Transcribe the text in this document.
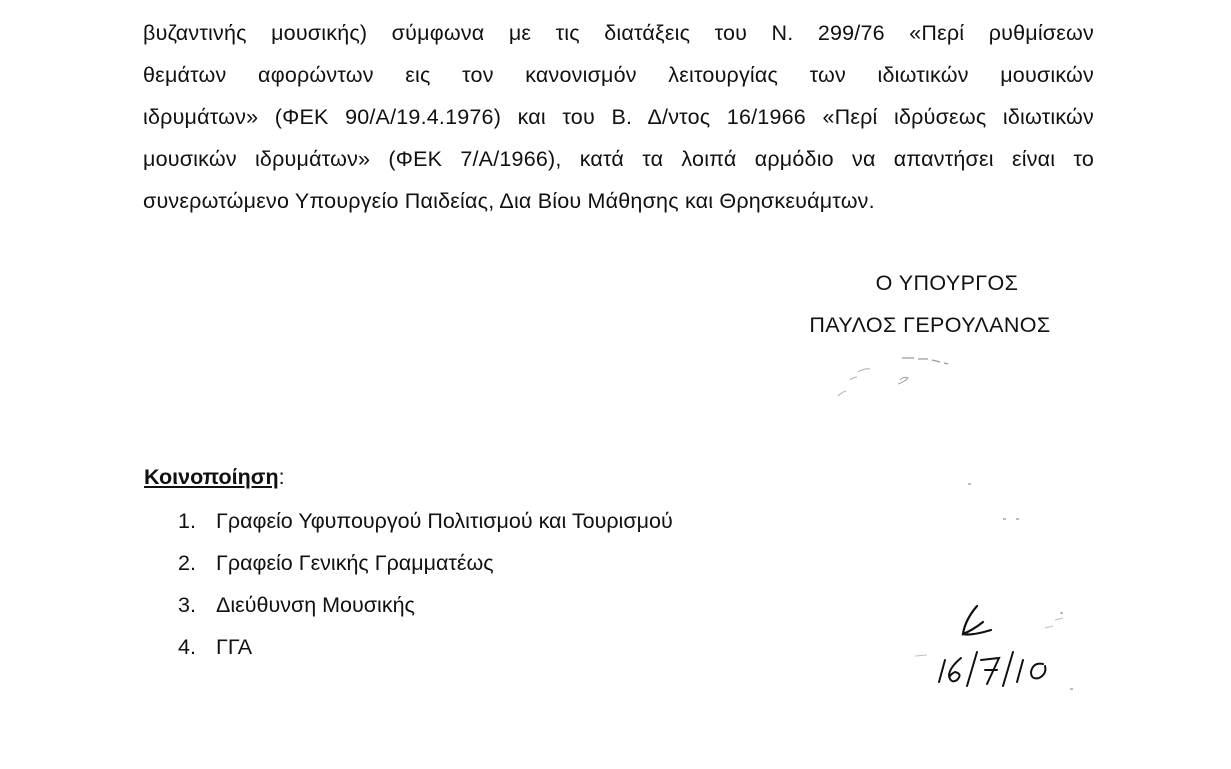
βυζαντινής μουσικής) σύμφωνα με τις διατάξεις του Ν. 299/76 «Περί ρυθμίσεων
θεμάτων αφορώντων εις τον κανονισμόν λειτουργίας των ιδιωτικών μουσικών
ιδρυμάτων» (ΦΕΚ 90/Α/19.4.1976) και του Β. Δ/ντος 16/1966 «Περί ιδρύσεως ιδιωτικών
μουσικών ιδρυμάτων» (ΦΕΚ 7/Α/1966), κατά τα λοιπά αρμόδιο να απαντήσει είναι το
συνερωτώμενο Υπουργείο Παιδείας, Δια Βίου Μάθησης και Θρησκευάμτων.
Ο ΥΠΟΥΡΓΟΣ
ΠΑΥΛΟΣ ΓΕΡΟΥΛΑΝΟΣ
Κοινοποίηση:
1. Γραφείο Υφυπουργού Πολιτισμού και Τουρισμού
2. Γραφείο Γενικής Γραμματέως
3. Διεύθυνση Μουσικής
4. ΓΓΑ
